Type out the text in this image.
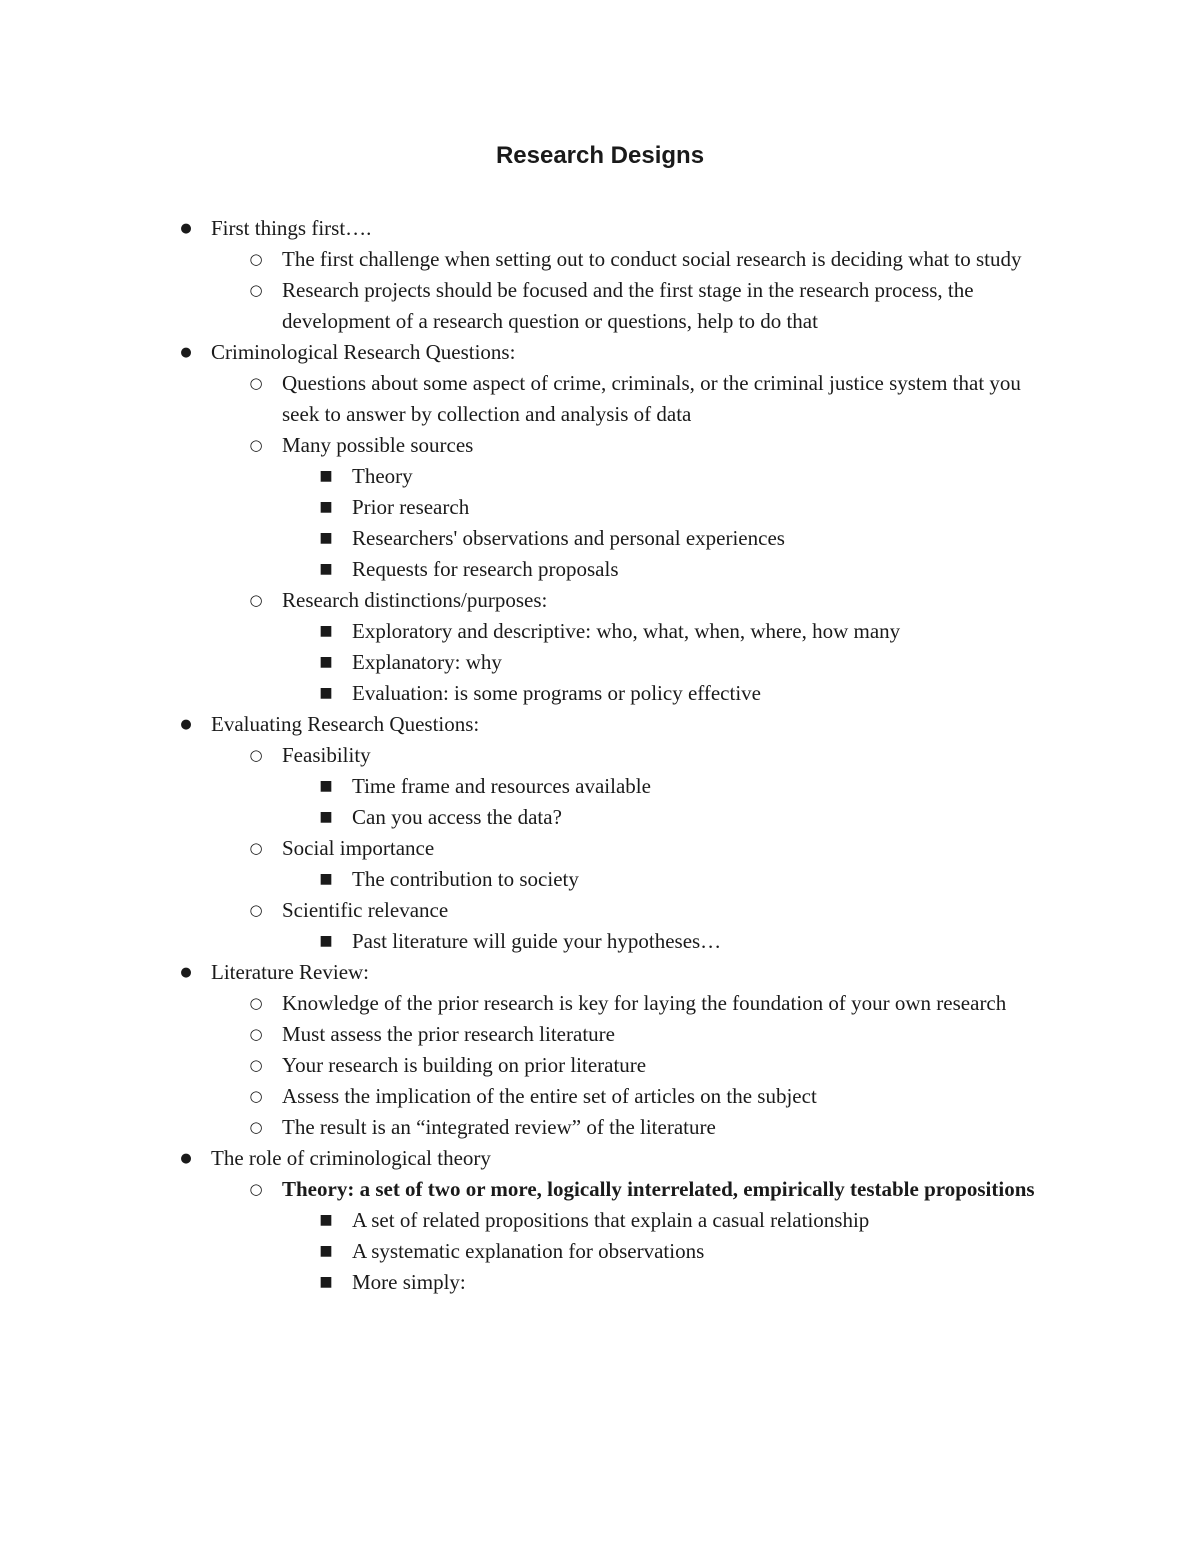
Research Designs
● First things first….
○ The first challenge when setting out to conduct social research is deciding what to study
○ Research projects should be focused and the first stage in the research process, the development of a research question or questions, help to do that
● Criminological Research Questions:
○ Questions about some aspect of crime, criminals, or the criminal justice system that you seek to answer by collection and analysis of data
○ Many possible sources
■ Theory
■ Prior research
■ Researchers' observations and personal experiences
■ Requests for research proposals
○ Research distinctions/purposes:
■ Exploratory and descriptive: who, what, when, where, how many
■ Explanatory: why
■ Evaluation: is some programs or policy effective
● Evaluating Research Questions:
○ Feasibility
■ Time frame and resources available
■ Can you access the data?
○ Social importance
■ The contribution to society
○ Scientific relevance
■ Past literature will guide your hypotheses…
● Literature Review:
○ Knowledge of the prior research is key for laying the foundation of your own research
○ Must assess the prior research literature
○ Your research is building on prior literature
○ Assess the implication of the entire set of articles on the subject
○ The result is an “integrated review” of the literature
● The role of criminological theory
○ Theory: a set of two or more, logically interrelated, empirically testable propositions
■ A set of related propositions that explain a casual relationship
■ A systematic explanation for observations
■ More simply:
